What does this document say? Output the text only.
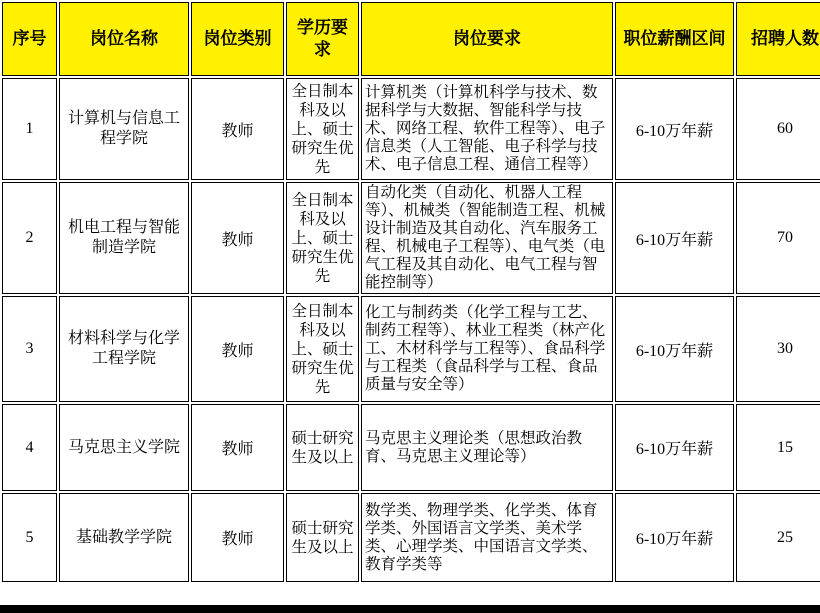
序号	岗位名称	岗位类别	学历要求	岗位要求	职位薪酬区间	招聘人数
1	计算机与信息工程学院	教师	全日制本科及以上、硕士研究生优先	计算机类（计算机科学与技术、数据科学与大数据、智能科学与技术、网络工程、软件工程等）、电子信息类（人工智能、电子科学与技术、电子信息工程、通信工程等）	6-10万年薪	60
2	机电工程与智能制造学院	教师	全日制本科及以上、硕士研究生优先	自动化类（自动化、机器人工程等）、机械类（智能制造工程、机械设计制造及其自动化、汽车服务工程、机械电子工程等）、电气类（电气工程及其自动化、电气工程与智能控制等）	6-10万年薪	70
3	材料科学与化学工程学院	教师	全日制本科及以上、硕士研究生优先	化工与制药类（化学工程与工艺、制药工程等）、林业工程类（林产化工、木材科学与工程等）、食品科学与工程类（食品科学与工程、食品质量与安全等）	6-10万年薪	30
4	马克思主义学院	教师	硕士研究生及以上	马克思主义理论类（思想政治教育、马克思主义理论等）	6-10万年薪	15
5	基础教学学院	教师	硕士研究生及以上	数学类、物理学类、化学类、体育学类、外国语言文学类、美术学类、心理学类、中国语言文学类、教育学类等	6-10万年薪	25
